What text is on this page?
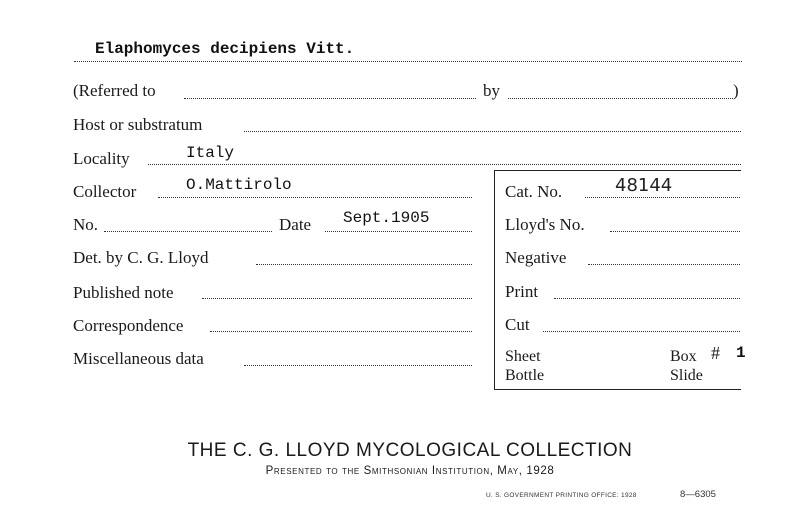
Elaphomyces decipiens Vitt.
(Referred to	by	)
Host or substratum
Locality	Italy
Collector	O.Mattirolo
No.	Date Sept.1905
Det. by C. G. Lloyd
Published note
Correspondence
Miscellaneous data
Cat. No.	48144
Lloyd's No.
Negative
Print
Cut
Sheet
Bottle
Box # 1
Slide
THE C. G. LLOYD MYCOLOGICAL COLLECTION
Presented to the Smithsonian Institution, May, 1928
U. S. GOVERNMENT PRINTING OFFICE: 1928	8—6305
